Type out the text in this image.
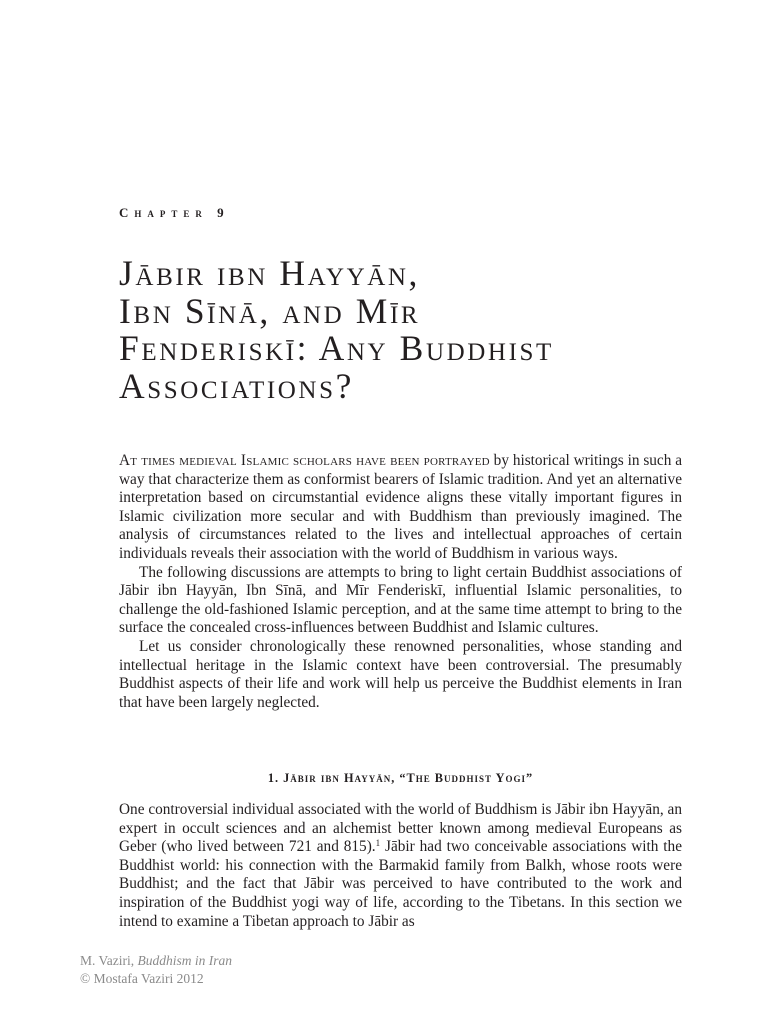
Chapter 9

Jābir ibn Hayyān,
Ibn Sīnā, and Mīr
Fenderiskī: Any Buddhist
Associations?

At times medieval Islamic scholars have been portrayed by historical writings in such a way that characterize them as conformist bearers of Islamic tradition. And yet an alternative interpretation based on circumstantial evidence aligns these vitally important figures in Islamic civilization more secular and with Buddhism than previously imagined. The analysis of circumstances related to the lives and intellectual approaches of certain individuals reveals their association with the world of Buddhism in various ways.

The following discussions are attempts to bring to light certain Buddhist associations of Jābir ibn Hayyān, Ibn Sīnā, and Mīr Fenderiskī, influential Islamic personalities, to challenge the old-fashioned Islamic perception, and at the same time attempt to bring to the surface the concealed cross-influences between Buddhist and Islamic cultures.

Let us consider chronologically these renowned personalities, whose standing and intellectual heritage in the Islamic context have been controversial. The presumably Buddhist aspects of their life and work will help us perceive the Buddhist elements in Iran that have been largely neglected.

1. Jābir ibn Hayyān, “The Buddhist Yogi”

One controversial individual associated with the world of Buddhism is Jābir ibn Hayyān, an expert in occult sciences and an alchemist better known among medieval Europeans as Geber (who lived between 721 and 815).$^1$ Jābir had two conceivable associations with the Buddhist world: his connection with the Barmakid family from Balkh, whose roots were Buddhist; and the fact that Jābir was perceived to have contributed to the work and inspiration of the Buddhist yogi way of life, according to the Tibetans. In this section we intend to examine a Tibetan approach to Jābir as

M. Vaziri, Buddhism in Iran
© Mostafa Vaziri 2012
